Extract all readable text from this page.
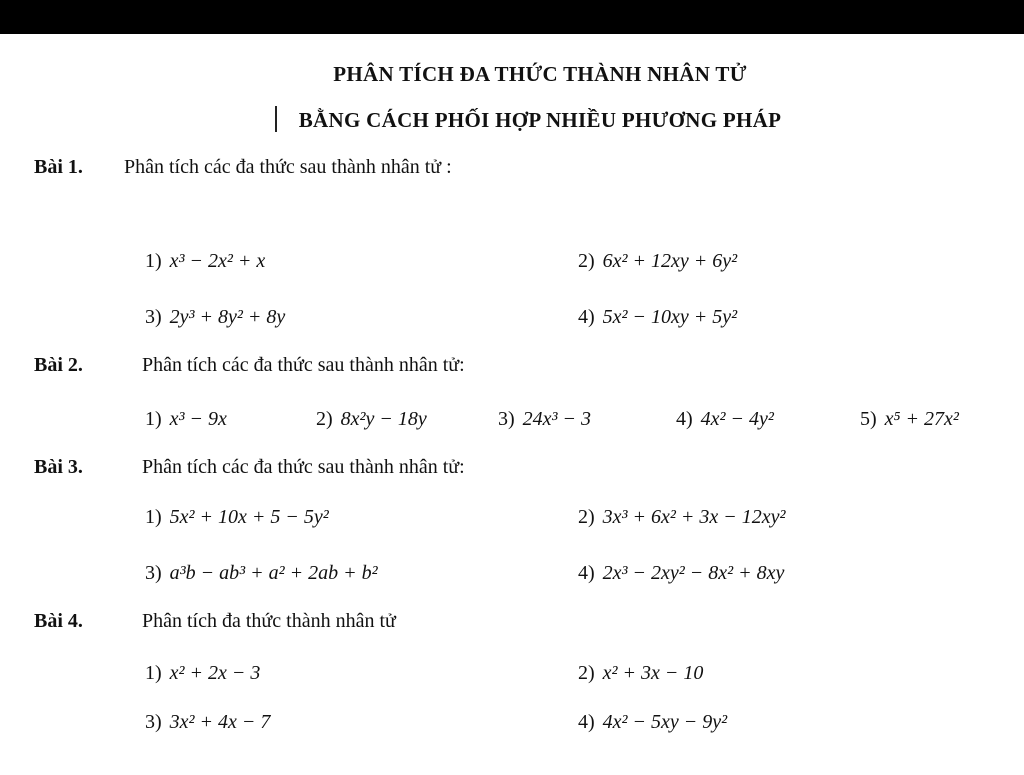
PHÂN TÍCH ĐA THỨC THÀNH NHÂN TỬ
BẰNG CÁCH PHỐI HỢP NHIỀU PHƯƠNG PHÁP
Bài 1. Phân tích các đa thức sau thành nhân tử :
1) x³ − 2x² + x	2) 6x² + 12xy + 6y²
3) 2y³ + 8y² + 8y	4) 5x² − 10xy + 5y²
Bài 2.	Phân tích các đa thức sau thành nhân tử:
1) x³ − 9x	2) 8x²y − 18y	3) 24x³ − 3	4) 4x² − 4y²	5) x⁵ + 27x²
Bài 3.	Phân tích các đa thức sau thành nhân tử:
1) 5x² + 10x + 5 − 5y²	2) 3x³ + 6x² + 3x − 12xy²
3) a³b − ab³ + a² + 2ab + b²	4) 2x³ − 2xy² − 8x² + 8xy
Bài 4.	Phân tích đa thức thành nhân tử
1) x² + 2x − 3	2) x² + 3x − 10
3) 3x² + 4x − 7	4) 4x² − 5xy − 9y²
